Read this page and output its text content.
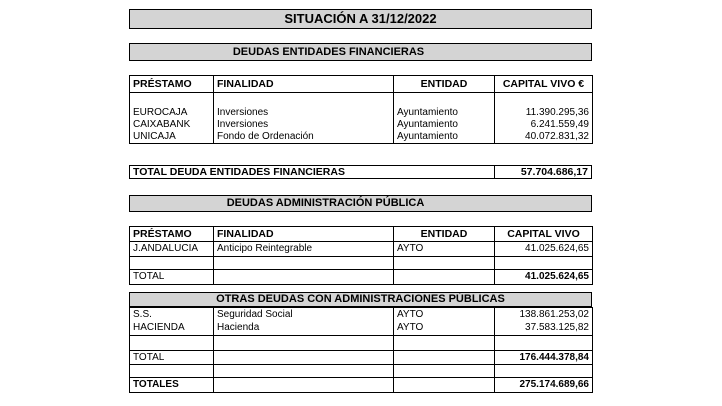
SITUACIÓN A 31/12/2022
DEUDAS ENTIDADES FINANCIERAS
PRÉSTAMO	FINALIDAD	ENTIDAD	CAPITAL VIVO €

EUROCAJA	Inversiones	Ayuntamiento	11.390.295,36
CAIXABANK	Inversiones	Ayuntamiento	6.241.559,49
UNICAJA	Fondo de Ordenación	Ayuntamiento	40.072.831,32
TOTAL DEUDA ENTIDADES FINANCIERAS	57.704.686,17
DEUDAS ADMINISTRACIÓN PÚBLICA
PRÉSTAMO	FINALIDAD	ENTIDAD	CAPITAL VIVO
J.ANDALUCIA	Anticipo Reintegrable	AYTO	41.025.624,65

TOTAL			41.025.624,65
OTRAS DEUDAS CON ADMINISTRACIONES PÚBLICAS
S.S.	Seguridad Social	AYTO	138.861.253,02
HACIENDA	Hacienda	AYTO	37.583.125,82

TOTAL			176.444.378,84

TOTALES			275.174.689,66
